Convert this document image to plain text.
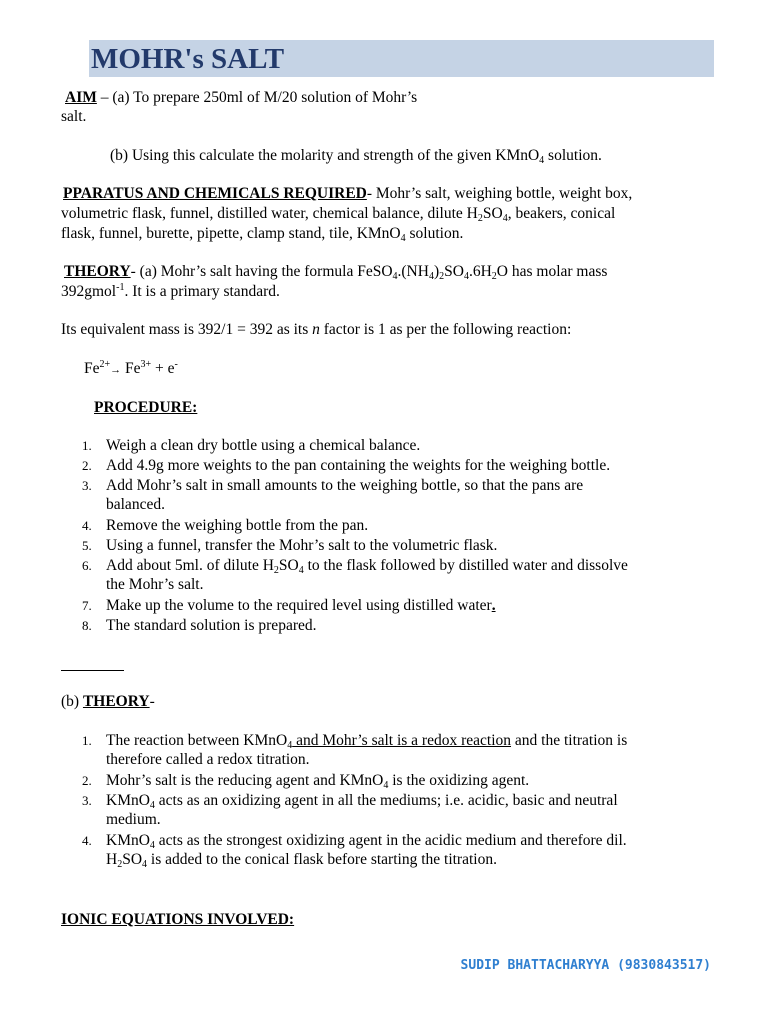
MOHR's SALT
AIM – (a) To prepare 250ml of M/20 solution of Mohr’s
salt.
(b) Using this calculate the molarity and strength of the given KMnO$_4$ solution.
PPARATUS AND CHEMICALS REQUIRED- Mohr’s salt, weighing bottle, weight box,
volumetric flask, funnel, distilled water, chemical balance, dilute $H_2SO_4$, beakers, conical
flask, funnel, burette, pipette, clamp stand, tile, KMnO$_4$ solution.
THEORY- (a) Mohr’s salt having the formula $FeSO_4.(NH_4)_2SO_4.6H_2O$ has molar mass
392gmol$^{-1}$. It is a primary standard.
Its equivalent mass is 392/1 = 392 as its n factor is 1 as per the following reaction:
$Fe^{2+}\to Fe^{3+} + e^-$
PROCEDURE:
1. Weigh a clean dry bottle using a chemical balance.
2. Add 4.9g more weights to the pan containing the weights for the weighing bottle.
3. Add Mohr’s salt in small amounts to the weighing bottle, so that the pans are
balanced.
4. Remove the weighing bottle from the pan.
5. Using a funnel, transfer the Mohr’s salt to the volumetric flask.
6. Add about 5ml. of dilute $H_2SO_4$ to the flask followed by distilled water and dissolve
the Mohr’s salt.
7. Make up the volume to the required level using distilled water.
8. The standard solution is prepared.
(b) THEORY-
1. The reaction between KMnO$_4$ and Mohr’s salt is a redox reaction and the titration is
therefore called a redox titration.
2. Mohr’s salt is the reducing agent and KMnO$_4$ is the oxidizing agent.
3. KMnO$_4$ acts as an oxidizing agent in all the mediums; i.e. acidic, basic and neutral
medium.
4. KMnO$_4$ acts as the strongest oxidizing agent in the acidic medium and therefore dil.
$H_2SO_4$ is added to the conical flask before starting the titration.
IONIC EQUATIONS INVOLVED:
SUDIP BHATTACHARYYA (9830843517)
